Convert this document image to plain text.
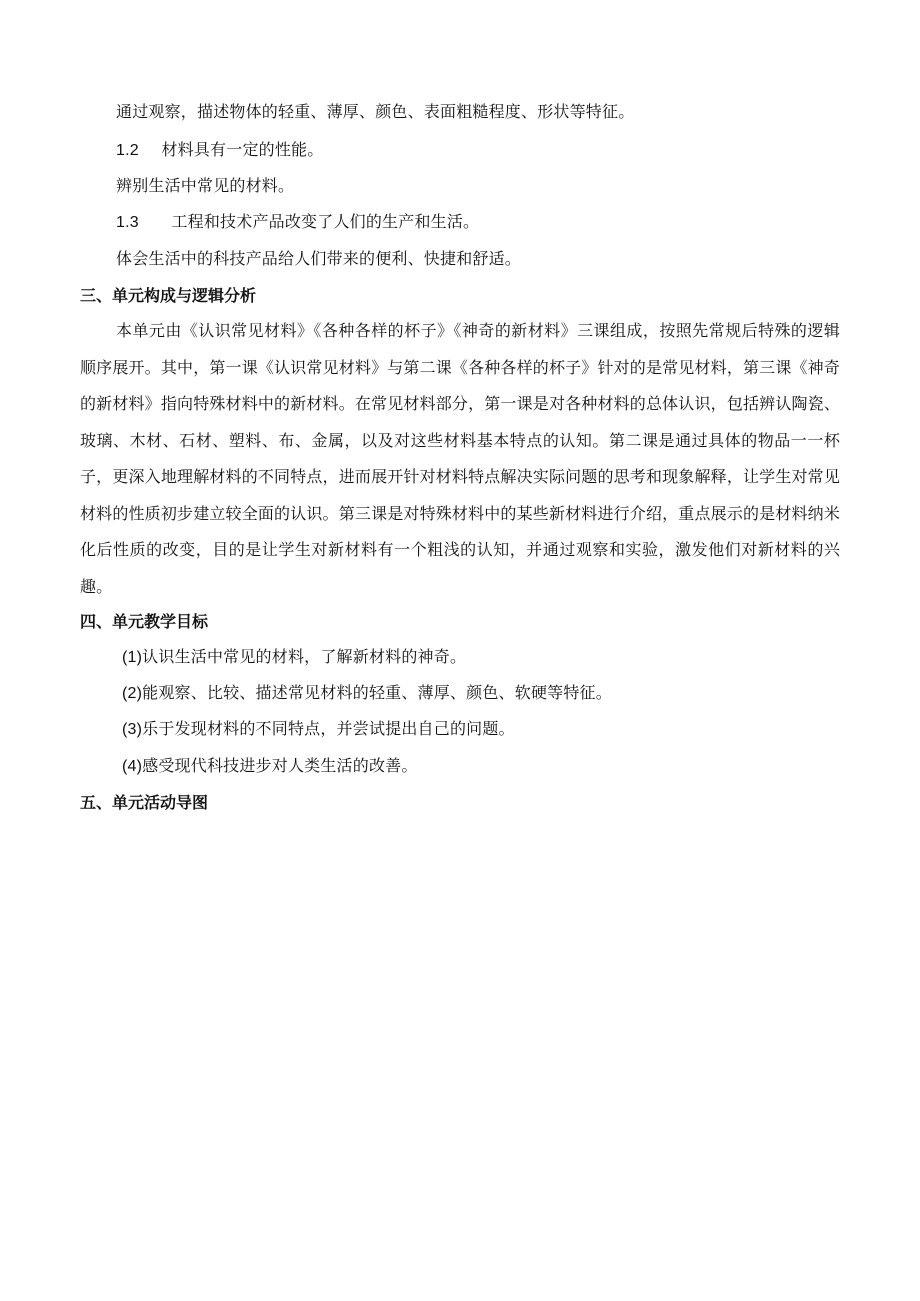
通过观察，描述物体的轻重、薄厚、颜色、表面粗糙程度、形状等特征。
1.2 材料具有一定的性能。
辨别生活中常见的材料。
1.3 工程和技术产品改变了人们的生产和生活。
体会生活中的科技产品给人们带来的便利、快捷和舒适。
三、单元构成与逻辑分析
本单元由《认识常见材料》《各种各样的杯子》《神奇的新材料》三课组成，按照先常规后特殊的逻辑顺序展开。其中，第一课《认识常见材料》与第二课《各种各样的杯子》针对的是常见材料，第三课《神奇的新材料》指向特殊材料中的新材料。在常见材料部分，第一课是对各种材料的总体认识，包括辨认陶瓷、玻璃、木材、石材、塑料、布、金属，以及对这些材料基本特点的认知。第二课是通过具体的物品一一杯子，更深入地理解材料的不同特点，进而展开针对材料特点解决实际问题的思考和现象解释，让学生对常见材料的性质初步建立较全面的认识。第三课是对特殊材料中的某些新材料进行介绍，重点展示的是材料纳米化后性质的改变，目的是让学生对新材料有一个粗浅的认知，并通过观察和实验，激发他们对新材料的兴趣。
四、单元教学目标
(1)认识生活中常见的材料，了解新材料的神奇。
(2)能观察、比较、描述常见材料的轻重、薄厚、颜色、软硬等特征。
(3)乐于发现材料的不同特点，并尝试提出自己的问题。
(4)感受现代科技进步对人类生活的改善。
五、单元活动导图
